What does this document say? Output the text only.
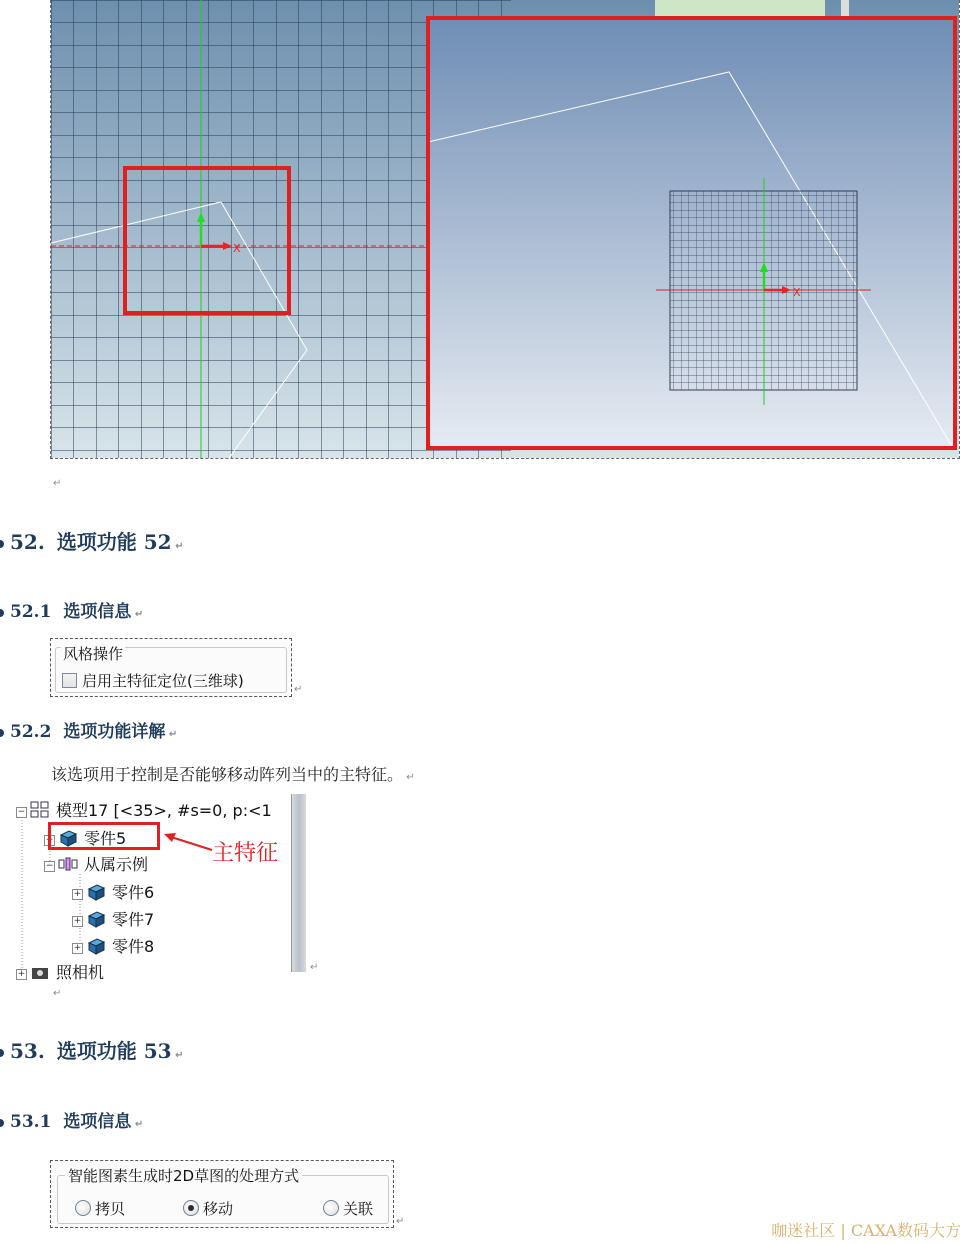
X
X
↵
52. 选项功能 52 ↵
52.1 选项信息 ↵
风格操作
启用主特征定位(三维球)	↵
52.2 选项功能详解 ↵
该选项用于控制是否能够移动阵列当中的主特征。 ↵
− 模型17 [<35>, #s=0, p:<1
+ 零件5
主特征
− 从属示例
+ 零件6
+ 零件7
+ 零件8
+ 照相机	↵
↵
53. 选项功能 53 ↵
53.1 选项信息 ↵
智能图素生成时2D草图的处理方式
拷贝	移动	关联
↵	咖迷社区 | CAXA数码大方
